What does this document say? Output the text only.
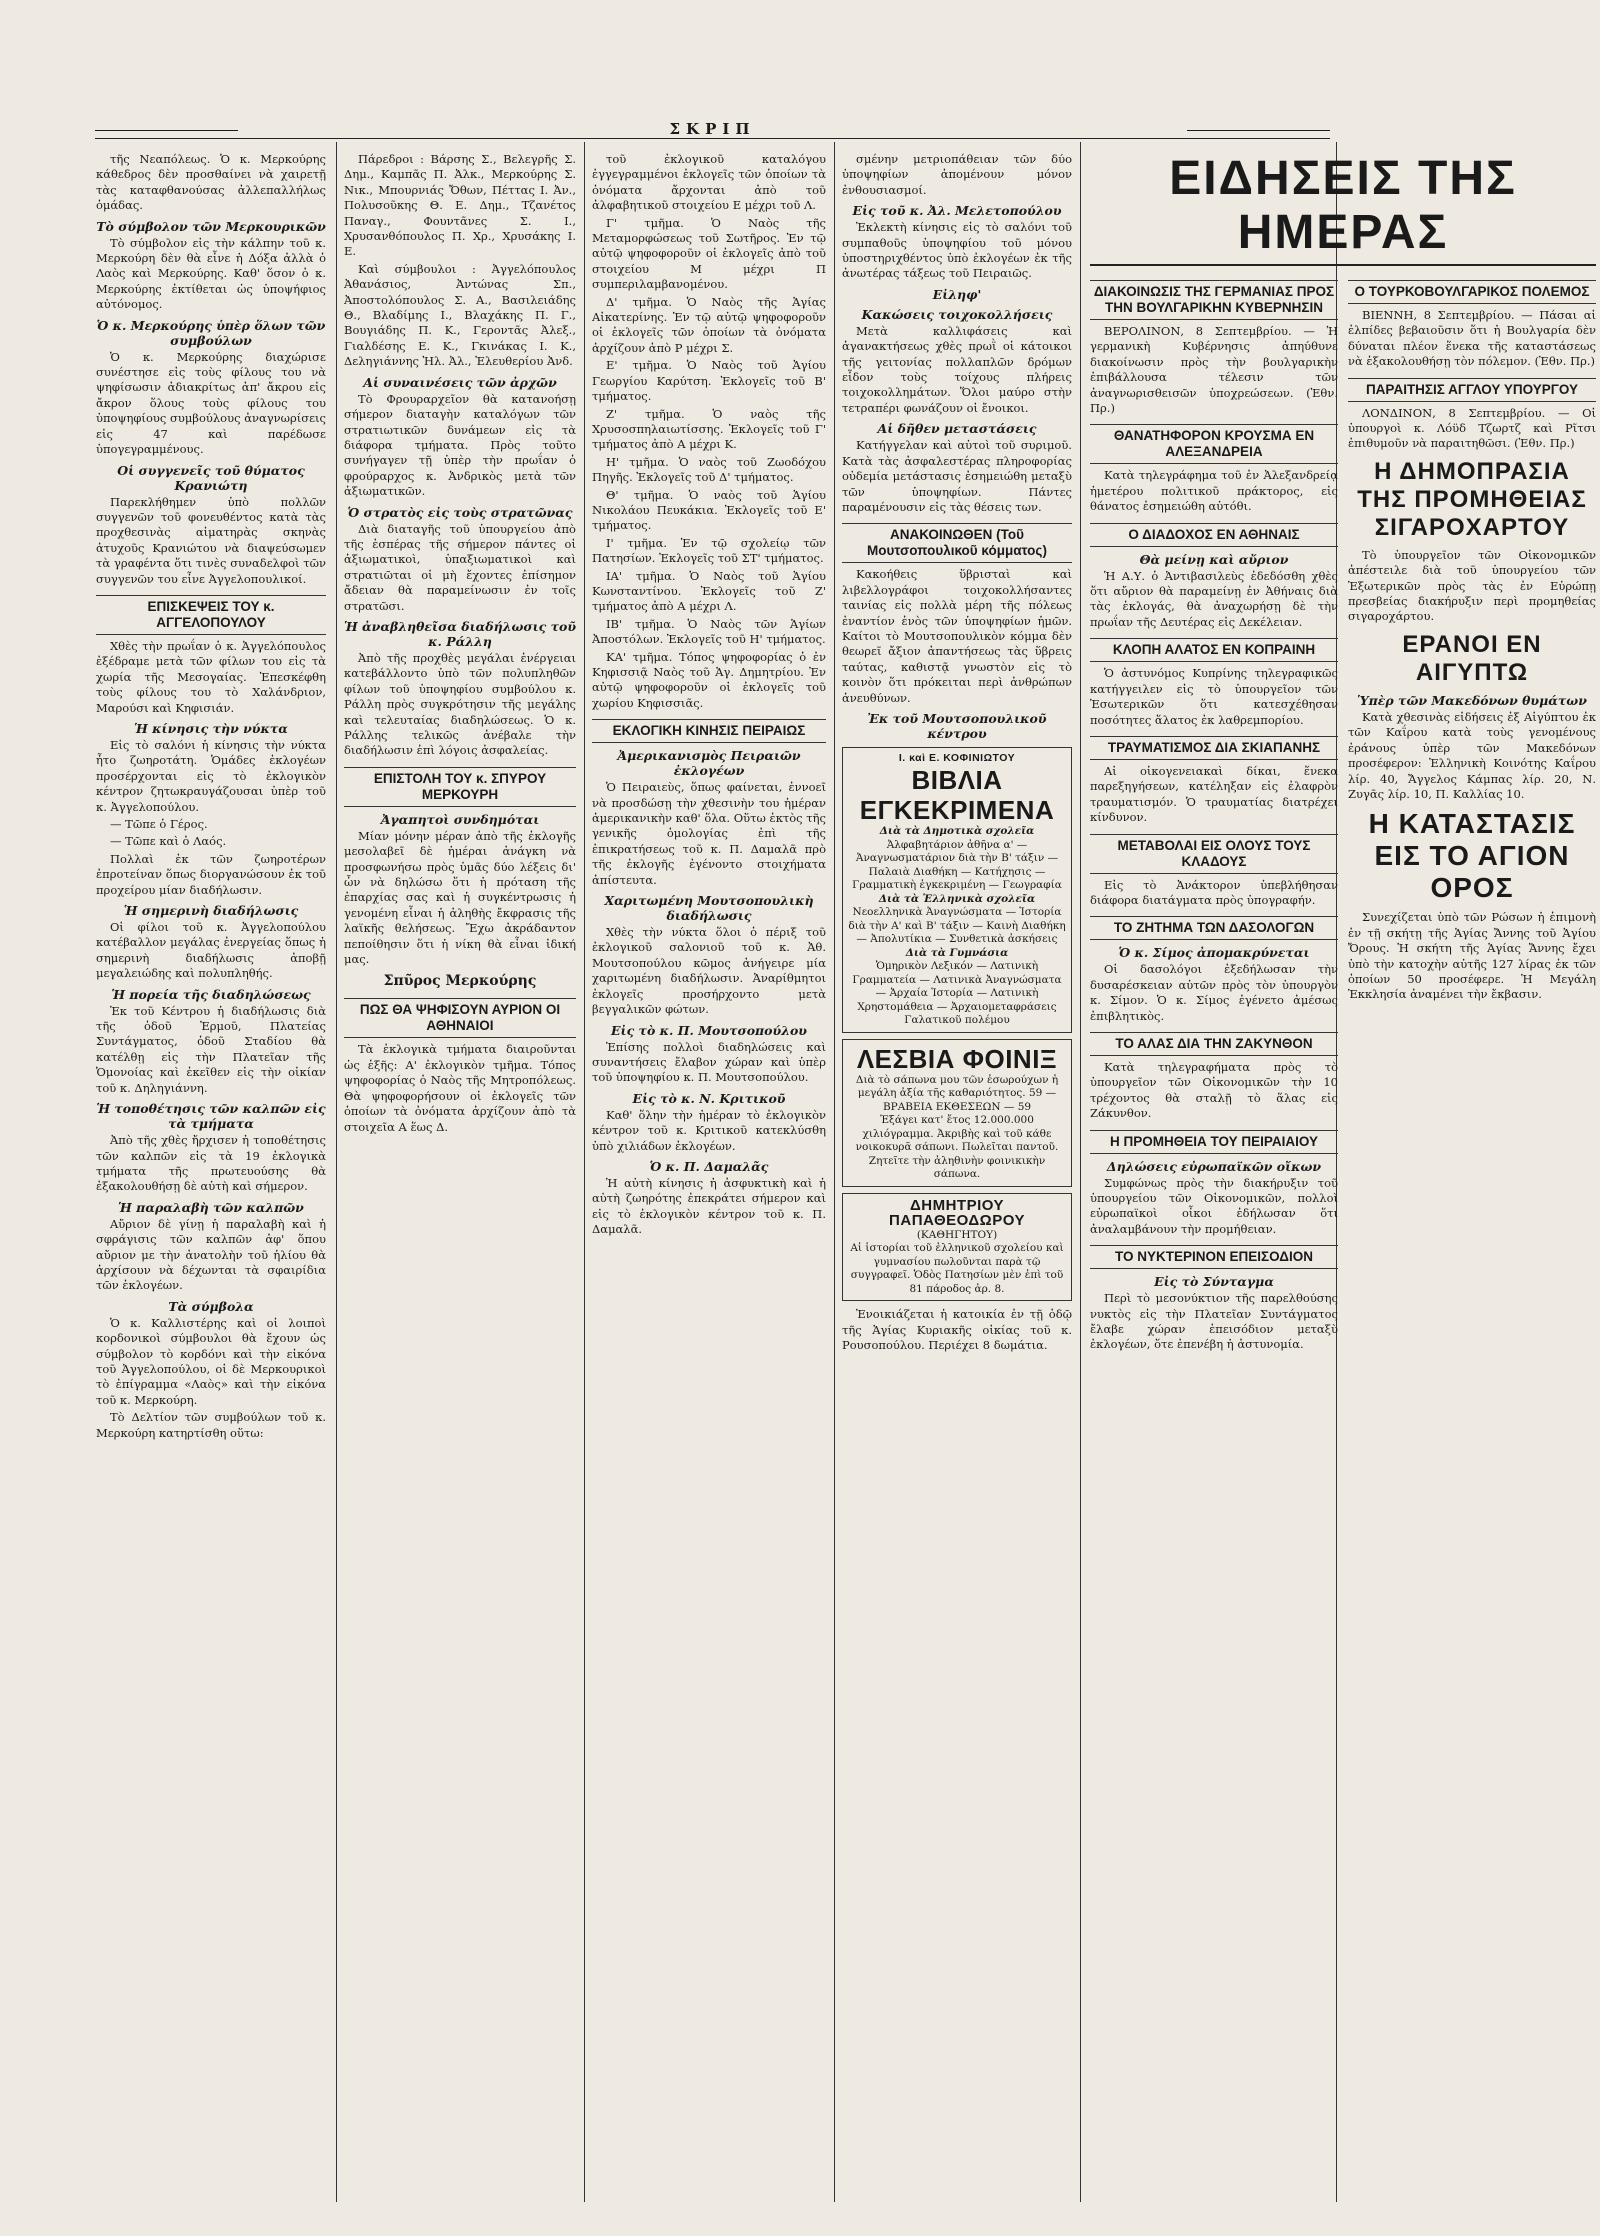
⎯⎯⎯⎯⎯⎯⎯⎯⎯⎯⎯⎯⎯⎯⎯⎯⎯⎯⎯⎯⎯⎯	ΣΚΡΙΠ	⎯⎯⎯⎯⎯⎯⎯⎯⎯⎯⎯⎯⎯⎯⎯⎯⎯⎯⎯⎯⎯⎯

τῆς Νεαπόλεως. Ὁ κ. Μερκούρης κάθεδρος δὲν προσθαίνει νὰ χαιρετῇ τὰς καταφθανούσας ἀλλεπαλλήλως ὁμάδας.

Τὸ σύμβολον τῶν Μερκουρικῶν

Τὸ σύμβολον εἰς τὴν κάλπην τοῦ κ. Μερκούρη δὲν θὰ εἶνε ἡ Δόξα ἀλλὰ ὁ Λαὸς καὶ Μερκούρης. Καθ' ὅσον ὁ κ. Μερκούρης ἐκτίθεται ὡς ὑποψήφιος αὐτόνομος.

Ὁ κ. Μερκούρης ὑπὲρ ὅλων τῶν συμβούλων

Ὁ κ. Μερκούρης διαχώρισε συνέστησε εἰς τοὺς φίλους του νὰ ψηφίσωσιν ἀδιακρίτως ἀπ' ἄκρου εἰς ἄκρον ὅλους τοὺς φίλους του ὑποψηφίους συμβούλους ἀναγνωρίσεις εἰς 47 καὶ παρέδωσε ὑπογεγραμμένους.

Οἱ συγγενεῖς τοῦ θύματος Κρανιώτη

Παρεκλήθημεν ὑπὸ πολλῶν συγγενῶν τοῦ φονευθέντος κατὰ τὰς προχθεσινὰς αἱματηρὰς σκηνὰς ἀτυχοῦς Κρανιώτου νὰ διαψεύσωμεν τὰ γραφέντα ὅτι τινὲς συναδελφοὶ τῶν συγγενῶν του εἶνε Ἀγγελοπουλικοί.

ΕΠΙΣΚΕΨΕΙΣ ΤΟΥ κ. ΑΓΓΕΛΟΠΟΥΛΟΥ

Χθὲς τὴν πρωΐαν ὁ κ. Ἀγγελόπουλος ἐξέδραμε μετὰ τῶν φίλων του εἰς τὰ χωρία τῆς Μεσογαίας. Ἐπεσκέφθη τοὺς φίλους του τὸ Χαλάνδριον, Μαρούσι καὶ Κηφισιάν.

Ἡ κίνησις τὴν νύκτα

Εἰς τὸ σαλόνι ἡ κίνησις τὴν νύκτα ἦτο ζωηροτάτη. Ὁμάδες ἐκλογέων προσέρχονται εἰς τὸ ἐκλογικὸν κέντρον ζητωκραυγάζουσαι ὑπὲρ τοῦ κ. Ἀγγελοπούλου.

— Τῶπε ὁ Γέρος.

— Τῶπε καὶ ὁ Λαός.

Πολλαὶ ἐκ τῶν ζωηροτέρων ἐπροτείναν ὅπως διοργανώσουν ἐκ τοῦ προχείρου μίαν διαδήλωσιν.

Ἡ σημερινὴ διαδήλωσις

Οἱ φίλοι τοῦ κ. Ἀγγελοπούλου κατέβαλλον μεγάλας ἐνεργείας ὅπως ἡ σημερινὴ διαδήλωσις ἀποβῇ μεγαλειώδης καὶ πολυπληθής.

Ἡ πορεία τῆς διαδηλώσεως

Ἐκ τοῦ Κέντρου ἡ διαδήλωσις διὰ τῆς ὁδοῦ Ἑρμοῦ, Πλατείας Συντάγματος, ὁδοῦ Σταδίου θὰ κατέλθῃ εἰς τὴν Πλατεῖαν τῆς Ὁμονοίας καὶ ἐκεῖθεν εἰς τὴν οἰκίαν τοῦ κ. Δηληγιάννη.

Ἡ τοποθέτησις τῶν καλπῶν εἰς τὰ τμήματα

Ἀπὸ τῆς χθὲς ἤρχισεν ἡ τοποθέτησις τῶν καλπῶν εἰς τὰ 19 ἐκλογικὰ τμήματα τῆς πρωτευούσης θὰ ἐξακολουθήσῃ δὲ αὐτὴ καὶ σήμερον.

Ἡ παραλαβὴ τῶν καλπῶν

Αὔριον δὲ γίνῃ ἡ παραλαβὴ καὶ ἡ σφράγισις τῶν καλπῶν ἀφ' ὅπου αὔριον με τὴν ἀνατολὴν τοῦ ἡλίου θὰ ἀρχίσουν νὰ δέχωνται τὰ σφαιρίδια τῶν ἐκλογέων.

Τὰ σύμβολα

Ὁ κ. Καλλιστέρης καὶ οἱ λοιποὶ κορδονικοὶ σύμβουλοι θὰ ἔχουν ὡς σύμβολον τὸ κορδόνι καὶ τὴν εἰκόνα τοῦ Ἀγγελοπούλου, οἱ δὲ Μερκουρικοὶ τὸ ἐπίγραμμα «Λαὸς» καὶ τὴν εἰκόνα τοῦ κ. Μερκούρη.

Τὸ Δελτίον τῶν συμβούλων τοῦ κ. Μερκούρη κατηρτίσθη οὕτω:

Πάρεδροι : Βάρσης Σ., Βελεγρῆς Σ. Δημ., Καμπᾶς Π. Ἀλκ., Μερκούρης Σ. Νικ., Μπουρνιάς Ὄθων, Πέττας Ι. Ἀν., Πολυσοῦκης Θ. Ε. Δημ., Τζανέτος Παναγ., Φουντᾶνες Σ. Ι., Χρυσανθόπουλος Π. Χρ., Χρυσάκης Ι. Ε.

Καὶ σύμβουλοι : Ἀγγελόπουλος Ἀθανάσιος, Ἀντώνας Σπ., Ἀποστολόπουλος Σ. Α., Βασιλειάδης Θ., Βλαδίμης Ι., Βλαχάκης Π. Γ., Βουγιάδης Π. Κ., Γεροντᾶς Ἀλεξ., Γιαλδέσης Ε. Κ., Γκινάκας Ι. Κ., Δεληγιάννης Ἠλ. Ἀλ., Ἐλευθερίου Ἀνδ.

Αἱ συναινέσεις τῶν ἀρχῶν

Τὸ Φρουραρχεῖον θὰ κατανοήσῃ σήμερον διαταγὴν καταλόγων τῶν στρατιωτικῶν δυνάμεων εἰς τὰ διάφορα τμήματα. Πρὸς τοῦτο συνήγαγεν τῇ ὑπὲρ τὴν πρωΐαν ὁ φρούραρχος κ. Ἀνδρικὸς μετὰ τῶν ἀξιωματικῶν.

Ὁ στρατὸς εἰς τοὺς στρατῶνας

Διὰ διαταγῆς τοῦ ὑπουργείου ἀπὸ τῆς ἑσπέρας τῆς σήμερον πάντες οἱ ἀξιωματικοὶ, ὑπαξιωματικοὶ καὶ στρατιῶται οἱ μὴ ἔχοντες ἐπίσημον ἄδειαν θὰ παραμείνωσιν ἐν τοῖς στρατῶσι.

Ἡ ἀναβληθεῖσα διαδήλωσις τοῦ κ. Ράλλη

Ἀπὸ τῆς προχθὲς μεγάλαι ἐνέργειαι κατεβάλλοντο ὑπὸ τῶν πολυπληθῶν φίλων τοῦ ὑποψηφίου συμβούλου κ. Ράλλη πρὸς συγκρότησιν τῆς μεγάλης καὶ τελευταίας διαδηλώσεως. Ὁ κ. Ράλλης τελικῶς ἀνέβαλε τὴν διαδήλωσιν ἐπὶ λόγοις ἀσφαλείας.

ΕΠΙΣΤΟΛΗ ΤΟΥ κ. ΣΠΥΡΟΥ ΜΕΡΚΟΥΡΗ
Ἀγαπητοὶ συνδημόται

Μίαν μόνην μέραν ἀπὸ τῆς ἐκλογῆς μεσολαβεῖ δὲ ἡμέραι ἀνάγκη νὰ προσφωνήσω πρὸς ὑμᾶς δύο λέξεις δι' ὧν νὰ δηλώσω ὅτι ἡ πρόταση τῆς ἐπαρχίας σας καὶ ἡ συγκέντρωσις ἡ γενομένη εἶναι ἡ ἀληθὴς ἔκφρασις τῆς λαϊκῆς θελήσεως. Ἔχω ἀκράδαντον πεποίθησιν ὅτι ἡ νίκη θὰ εἶναι ἰδική μας.

Σπῦρος Μερκούρης
ΠΩΣ ΘΑ ΨΗΦΙΣΟΥΝ ΑΥΡΙΟΝ ΟΙ ΑΘΗΝΑΙΟΙ

Τὰ ἐκλογικὰ τμήματα διαιροῦνται ὡς ἑξῆς: Α' ἐκλογικὸν τμῆμα. Τόπος ψηφοφορίας ὁ Ναὸς τῆς Μητροπόλεως. Θὰ ψηφοφορήσουν οἱ ἐκλογεῖς τῶν ὁποίων τὰ ὀνόματα ἀρχίζουν ἀπὸ τὰ στοιχεῖα Α ἕως Δ.

τοῦ ἐκλογικοῦ καταλόγου ἐγγεγραμμένοι ἐκλογεῖς τῶν ὁποίων τὰ ὀνόματα ἄρχονται ἀπὸ τοῦ ἀλφαβητικοῦ στοιχείου Ε μέχρι τοῦ Λ.

Γ' τμῆμα. Ὁ Ναὸς τῆς Μεταμορφώσεως τοῦ Σωτῆρος. Ἐν τῷ αὐτῷ ψηφοφοροῦν οἱ ἐκλογεῖς ἀπὸ τοῦ στοιχείου Μ μέχρι Π συμπεριλαμβανομένου.

Δ' τμῆμα. Ὁ Ναὸς τῆς Ἁγίας Αἰκατερίνης. Ἐν τῷ αὐτῷ ψηφοφοροῦν οἱ ἐκλογεῖς τῶν ὁποίων τὰ ὀνόματα ἀρχίζουν ἀπὸ Ρ μέχρι Σ.

Ε' τμῆμα. Ὁ Ναὸς τοῦ Ἁγίου Γεωργίου Καρύτση. Ἐκλογεῖς τοῦ Β' τμήματος.

Ζ' τμῆμα. Ὁ ναὸς τῆς Χρυσοσπηλαιωτίσσης. Ἐκλογεῖς τοῦ Γ' τμήματος ἀπὸ Α μέχρι Κ.

Η' τμῆμα. Ὁ ναὸς τοῦ Ζωοδόχου Πηγῆς. Ἐκλογεῖς τοῦ Δ' τμήματος.

Θ' τμῆμα. Ὁ ναὸς τοῦ Ἁγίου Νικολάου Πευκάκια. Ἐκλογεῖς τοῦ Ε' τμήματος.

Ι' τμῆμα. Ἐν τῷ σχολείῳ τῶν Πατησίων. Ἐκλογεῖς τοῦ ΣΤ' τμήματος.

ΙΑ' τμῆμα. Ὁ Ναὸς τοῦ Ἁγίου Κωνσταντίνου. Ἐκλογεῖς τοῦ Ζ' τμήματος ἀπὸ Α μέχρι Λ.

ΙΒ' τμῆμα. Ὁ Ναὸς τῶν Ἁγίων Ἀποστόλων. Ἐκλογεῖς τοῦ Η' τμήματος.

ΚΑ' τμῆμα. Τόπος ψηφοφορίας ὁ ἐν Κηφισσιᾷ Ναὸς τοῦ Ἁγ. Δημητρίου. Ἐν αὐτῷ ψηφοφοροῦν οἱ ἐκλογεῖς τοῦ χωρίου Κηφισσιᾶς.

ΕΚΛΟΓΙΚΗ ΚΙΝΗΣΙΣ ΠΕΙΡΑΙΩΣ
Ἀμερικανισμὸς Πειραιῶν ἐκλογέων

Ὁ Πειραιεὺς, ὅπως φαίνεται, ἐννοεῖ νὰ προσδώσῃ τὴν χθεσινὴν του ἡμέραν ἀμερικανικὴν καθ' ὅλα. Οὕτω ἐκτὸς τῆς γενικῆς ὁμολογίας ἐπὶ τῆς ἐπικρατήσεως τοῦ κ. Π. Δαμαλᾶ πρὸ τῆς ἐκλογῆς ἐγένοντο στοιχήματα ἀπίστευτα.

Χαριτωμένη Μουτσοπουλικὴ διαδήλωσις

Χθὲς τὴν νύκτα ὅλοι ὁ πέριξ τοῦ ἐκλογικοῦ σαλονιοῦ τοῦ κ. Ἀθ. Μουτσοπούλου κῶμος ἀνήγειρε μία χαριτωμένη διαδήλωσιν. Ἀναρίθμητοι ἐκλογεῖς προσήρχοντο μετὰ βεγγαλικῶν φώτων.

Εἰς τὸ κ. Π. Μουτσοπούλου

Ἐπίσης πολλοὶ διαδηλώσεις καὶ συναντήσεις ἔλαβον χώραν καὶ ὑπὲρ τοῦ ὑποψηφίου κ. Π. Μουτσοπούλου.

Εἰς τὸ κ. Ν. Κριτικοῦ

Καθ' ὅλην τὴν ἡμέραν τὸ ἐκλογικὸν κέντρον τοῦ κ. Κριτικοῦ κατεκλύσθη ὑπὸ χιλιάδων ἐκλογέων.

Ὁ κ. Π. Δαμαλᾶς

Ἡ αὐτὴ κίνησις ἡ ἀσφυκτικὴ καὶ ἡ αὐτὴ ζωηρότης ἐπεκράτει σήμερον καὶ εἰς τὸ ἐκλογικὸν κέντρον τοῦ κ. Π. Δαμαλᾶ.

σμένην μετριοπάθειαν τῶν δύο ὑποψηφίων ἀπομένουν μόνον ἐνθουσιασμοί.

Εἰς τοῦ κ. Ἀλ. Μελετοπούλου

Ἐκλεκτὴ κίνησις εἰς τὸ σαλόνι τοῦ συμπαθοῦς ὑποψηφίου τοῦ μόνου ὑποστηριχθέντος ὑπὸ ἐκλογέων ἐκ τῆς ἀνωτέρας τάξεως τοῦ Πειραιῶς.

Εἰληφ'
Κακώσεις τοιχοκολλήσεις

Μετὰ καλλιφάσεις καὶ ἀγανακτήσεως χθὲς πρωῒ οἱ κάτοικοι τῆς γειτονίας πολλαπλῶν δρόμων εἶδον τοὺς τοίχους πλήρεις τοιχοκολλημάτων. Ὅλοι μαύρο στὴν τετραπέρι φωνάζουν οἱ ἔνοικοι.

Αἱ δῆθεν μεταστάσεις

Κατήγγελαν καὶ αὐτοὶ τοῦ συριμοῦ. Κατὰ τὰς ἀσφαλεστέρας πληροφορίας οὐδεμία μετάστασις ἐσημειώθη μεταξὺ τῶν ὑποψηφίων. Πάντες παραμένουσιν εἰς τὰς θέσεις των.

ΑΝΑΚΟΙΝΩΘΕΝ (Τοῦ Μουτσοπουλικοῦ κόμματος)

Κακοήθεις ὕβρισταὶ καὶ λιβελλογράφοι τοιχοκολλήσαντες ταινίας εἰς πολλὰ μέρη τῆς πόλεως ἐναντίον ἐνὸς τῶν ὑποψηφίων ἡμῶν. Καίτοι τὸ Μουτσοπουλικὸν κόμμα δὲν θεωρεῖ ἄξιον ἀπαντήσεως τὰς ὕβρεις ταύτας, καθιστᾷ γνωστὸν εἰς τὸ κοινὸν ὅτι πρόκειται περὶ ἀνθρώπων ἀνευθύνων.

Ἐκ τοῦ Μουτσοπουλικοῦ κέντρου
Ι. καὶ Ε. ΚΟΦΙΝΙΩΤΟΥ
ΒΙΒΛΙΑ ΕΓΚΕΚΡΙΜΕΝΑ
Διὰ τὰ Δημοτικὰ σχολεῖα
Ἀλφαβητάριον ἀθῆνα α' — Ἀναγνωσματάριον διὰ τὴν Β' τάξιν — Παλαιὰ Διαθήκη — Κατήχησις — Γραμματικὴ ἐγκεκριμένη — Γεωγραφία
Διὰ τὰ Ἑλληνικὰ σχολεῖα
Νεοελληνικὰ Ἀναγνώσματα — Ἱστορία διὰ τὴν Α' καὶ Β' τάξιν — Καινὴ Διαθήκη — Ἀπολυτίκια — Συνθετικὰ ἀσκήσεις
Διὰ τὰ Γυμνάσια
Ὁμηρικὸν Λεξικόν — Λατινικὴ Γραμματεία — Λατινικὰ Ἀναγνώσματα — Ἀρχαία Ἱστορία — Λατινικὴ Χρηστομάθεια — Ἀρχαιομεταφράσεις Γαλατικοῦ πολέμου
ΛΕΣΒΙΑ ΦΟΙΝΙΞ
Διὰ τὸ σάπωνα μου τῶν ἐσωρούχων ἡ μεγάλη ἀξία τῆς καθαριότητος. 59 — ΒΡΑΒΕΙΑ ΕΚΘΕΣΕΩΝ — 59
Ἐξάγει κατ' ἔτος 12.000.000 χιλιόγραμμα. Ἀκριβὴς καὶ τοῦ κάθε νοικοκυρᾶ σάπωνι. Πωλεῖται παντοῦ. Ζητεῖτε τὴν ἀληθινὴν φοινικικὴν σάπωνα.
ΔΗΜΗΤΡΙΟΥ ΠΑΠΑΘΕΟΔΩΡΟΥ
(ΚΑΘΗΓΗΤΟΥ)
Αἱ ἱστορίαι τοῦ ἑλληνικοῦ σχολείου καὶ γυμνασίου πωλοῦνται παρὰ τῷ συγγραφεῖ. Ὁδὸς Πατησίων μὲν ἐπὶ τοῦ 81 πάροδος ἀρ. 8.

Ἐνοικιάζεται ἡ κατοικία ἐν τῇ ὁδῷ τῆς Ἁγίας Κυριακῆς οἰκίας τοῦ κ. Ρουσοπούλου. Περιέχει 8 δωμάτια.

ΕΙΔΗΣΕΙΣ ΤΗΣ ΗΜΕΡΑΣ
ΔΙΑΚΟΙΝΩΣΙΣ ΤΗΣ ΓΕΡΜΑΝΙΑΣ ΠΡΟΣ ΤΗΝ ΒΟΥΛΓΑΡΙΚΗΝ ΚΥΒΕΡΝΗΣΙΝ

ΒΕΡΟΛΙΝΟΝ, 8 Σεπτεμβρίου. — Ἡ γερμανικὴ Κυβέρνησις ἀπηύθυνε διακοίνωσιν πρὸς τὴν βουλγαρικὴν ἐπιβάλλουσα τέλεσιν τῶν ἀναγνωρισθεισῶν ὑποχρεώσεων. (Ἐθν. Πρ.)

ΘΑΝΑΤΗΦΟΡΟΝ ΚΡΟΥΣΜΑ ΕΝ ΑΛΕΞΑΝΔΡΕΙΑ

Κατὰ τηλεγράφημα τοῦ ἐν Ἀλεξανδρείᾳ ἡμετέρου πολιτικοῦ πράκτορος, εἰς θάνατος ἐσημειώθη αὐτόθι.

Ο ΔΙΑΔΟΧΟΣ ΕΝ ΑΘΗΝΑΙΣ
Θὰ μείνῃ καὶ αὔριον

Ἡ Α.Υ. ὁ Ἀντιβασιλεὺς ἐδεδόσθη χθὲς ὅτι αὔριον θὰ παραμείνῃ ἐν Ἀθήναις διὰ τὰς ἐκλογάς, θὰ ἀναχωρήσῃ δὲ τὴν πρωΐαν τῆς Δευτέρας εἰς Δεκέλειαν.

ΚΛΟΠΗ ΑΛΑΤΟΣ ΕΝ ΚΟΠΡΑΙΝΗ

Ὁ ἀστυνόμος Κυπρίνης τηλεγραφικῶς κατήγγειλεν εἰς τὸ ὑπουργεῖον τῶν Ἐσωτερικῶν ὅτι κατεσχέθησαν ποσότητες ἅλατος ἐκ λαθρεμπορίου.

ΤΡΑΥΜΑΤΙΣΜΟΣ ΔΙΑ ΣΚΙΑΠΑΝΗΣ

Αἱ οἰκογενειακαὶ δίκαι, ἕνεκα παρεξηγήσεων, κατέληξαν εἰς ἐλαφρὸν τραυματισμόν. Ὁ τραυματίας διατρέχει κίνδυνον.

ΜΕΤΑΒΟΛΑΙ ΕΙΣ ΟΛΟΥΣ ΤΟΥΣ ΚΛΑΔΟΥΣ

Εἰς τὸ Ἀνάκτορον ὑπεβλήθησαν διάφορα διατάγματα πρὸς ὑπογραφήν.

ΤΟ ΖΗΤΗΜΑ ΤΩΝ ΔΑΣΟΛΟΓΩΝ
Ὁ κ. Σίμος ἀπομακρύνεται

Οἱ δασολόγοι ἐξεδήλωσαν τὴν δυσαρέσκειαν αὐτῶν πρὸς τὸν ὑπουργὸν κ. Σίμον. Ὁ κ. Σίμος ἐγένετο ἀμέσως ἐπιβλητικὸς.

ΤΟ ΑΛΑΣ ΔΙΑ ΤΗΝ ΖΑΚΥΝΘΟΝ

Κατὰ τηλεγραφήματα πρὸς τὸ ὑπουργεῖον τῶν Οἰκονομικῶν τὴν 10 τρέχοντος θὰ σταλῇ τὸ ἅλας εἰς Ζάκυνθον.

Η ΠΡΟΜΗΘΕΙΑ ΤΟΥ ΠΕΙΡΑΙΑΙΟΥ
Δηλώσεις εὐρωπαϊκῶν οἴκων

Συμφώνως πρὸς τὴν διακήρυξιν τοῦ ὑπουργείου τῶν Οἰκονομικῶν, πολλοὶ εὐρωπαϊκοὶ οἶκοι ἐδήλωσαν ὅτι ἀναλαμβάνουν τὴν προμήθειαν.

ΤΟ ΝΥΚΤΕΡΙΝΟΝ ΕΠΕΙΣΟΔΙΟΝ
Εἰς τὸ Σύνταγμα

Περὶ τὸ μεσονύκτιον τῆς παρελθούσης νυκτὸς εἰς τὴν Πλατεῖαν Συντάγματος ἔλαβε χώραν ἐπεισόδιον μεταξὺ ἐκλογέων, ὅτε ἐπενέβη ἡ ἀστυνομία.

Ο ΤΟΥΡΚΟΒΟΥΛΓΑΡΙΚΟΣ ΠΟΛΕΜΟΣ

ΒΙΕΝΝΗ, 8 Σεπτεμβρίου. — Πάσαι αἱ ἐλπίδες βεβαιοῦσιν ὅτι ἡ Βουλγαρία δὲν δύναται πλέον ἕνεκα τῆς καταστάσεως νὰ ἐξακολουθήσῃ τὸν πόλεμον. (Ἐθν. Πρ.)

ΠΑΡΑΙΤΗΣΙΣ ΑΓΓΛΟΥ ΥΠΟΥΡΓΟΥ

ΛΟΝΔΙΝΟΝ, 8 Σεπτεμβρίου. — Οἱ ὑπουργοὶ κ. Λόϋδ Τζωρτζ καὶ Ρῖτσι ἐπιθυμοῦν νὰ παραιτηθῶσι. (Ἐθν. Πρ.)

Η ΔΗΜΟΠΡΑΣΙΑ ΤΗΣ ΠΡΟΜΗΘΕΙΑΣ ΣΙΓΑΡΟΧΑΡΤΟΥ

Τὸ ὑπουργεῖον τῶν Οἰκονομικῶν ἀπέστειλε διὰ τοῦ ὑπουργείου τῶν Ἐξωτερικῶν πρὸς τὰς ἐν Εὐρώπῃ πρεσβείας διακήρυξιν περὶ προμηθείας σιγαροχάρτου.

ΕΡΑΝΟΙ ΕΝ ΑΙΓΥΠΤΩ
Ὑπὲρ τῶν Μακεδόνων θυμάτων

Κατὰ χθεσινὰς εἰδήσεις ἐξ Αἰγύπτου ἐκ τῶν Καΐρου κατὰ τοὺς γενομένους ἐράνους ὑπὲρ τῶν Μακεδόνων προσέφερον: Ἑλληνικὴ Κοινότης Καΐρου λίρ. 40, Ἄγγελος Κάμπας λίρ. 20, Ν. Ζυγᾶς λίρ. 10, Π. Καλλίας 10.

Η ΚΑΤΑΣΤΑΣΙΣ ΕΙΣ ΤΟ ΑΓΙΟΝ ΟΡΟΣ

Συνεχίζεται ὑπὸ τῶν Ρώσων ἡ ἐπιμονὴ ἐν τῇ σκήτῃ τῆς Ἁγίας Ἄννης τοῦ Ἁγίου Ὄρους. Ἡ σκήτη τῆς Ἁγίας Ἄννης ἔχει ὑπὸ τὴν κατοχὴν αὐτῆς 127 λίρας ἐκ τῶν ὁποίων 50 προσέφερε. Ἡ Μεγάλη Ἐκκλησία ἀναμένει τὴν ἔκβασιν.
